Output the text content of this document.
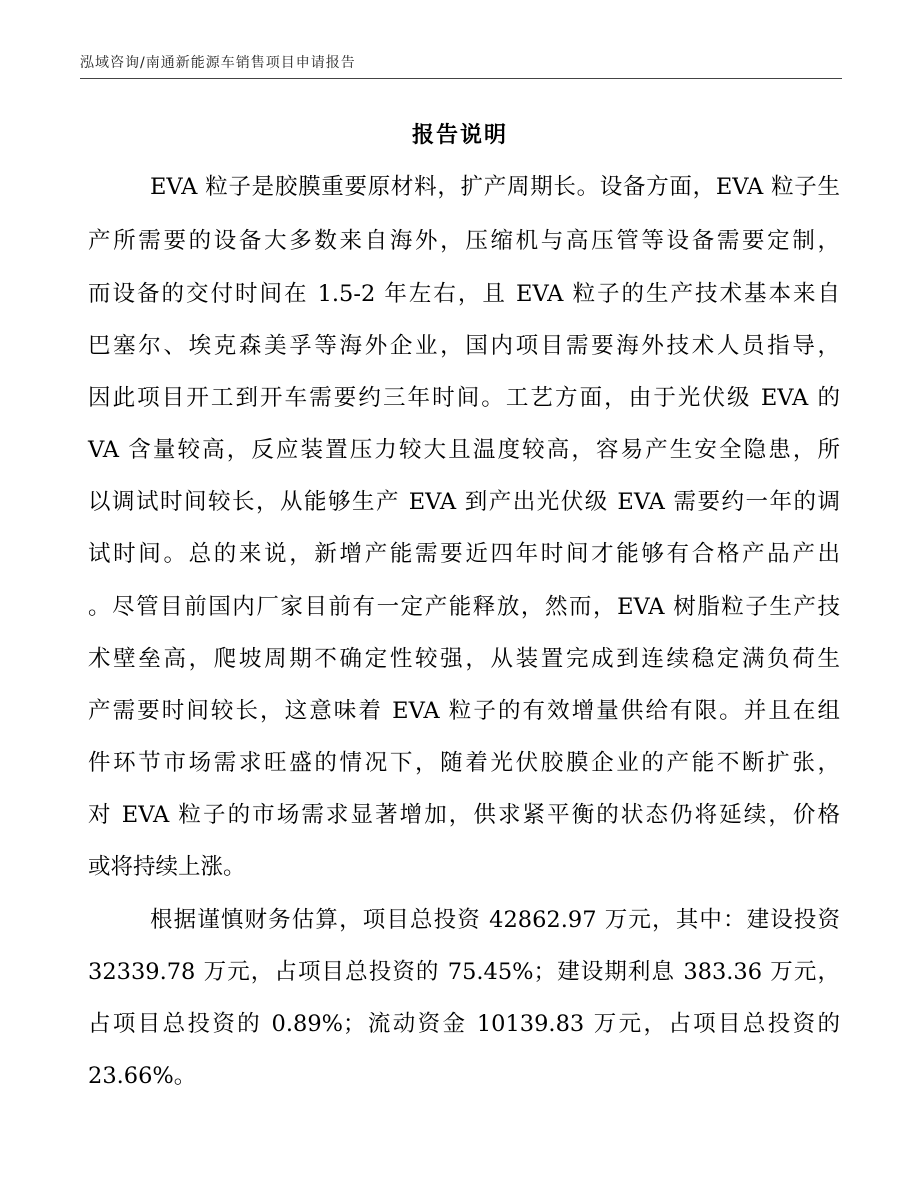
泓域咨询/南通新能源车销售项目申请报告
报告说明
EVA 粒子是胶膜重要原材料，扩产周期长。设备方面，EVA 粒子生
产所需要的设备大多数来自海外，压缩机与高压管等设备需要定制，
而设备的交付时间在 1.5-2 年左右，且 EVA 粒子的生产技术基本来自
巴塞尔、埃克森美孚等海外企业，国内项目需要海外技术人员指导，
因此项目开工到开车需要约三年时间。工艺方面，由于光伏级 EVA 的
VA 含量较高，反应装置压力较大且温度较高，容易产生安全隐患，所
以调试时间较长，从能够生产 EVA 到产出光伏级 EVA 需要约一年的调
试时间。总的来说，新增产能需要近四年时间才能够有合格产品产出
。尽管目前国内厂家目前有一定产能释放，然而，EVA 树脂粒子生产技
术壁垒高，爬坡周期不确定性较强，从装置完成到连续稳定满负荷生
产需要时间较长，这意味着 EVA 粒子的有效增量供给有限。并且在组
件环节市场需求旺盛的情况下，随着光伏胶膜企业的产能不断扩张，
对 EVA 粒子的市场需求显著增加，供求紧平衡的状态仍将延续，价格
或将持续上涨。
根据谨慎财务估算，项目总投资 42862.97 万元，其中：建设投资
32339.78 万元，占项目总投资的 75.45%；建设期利息 383.36 万元，
占项目总投资的 0.89%；流动资金 10139.83 万元，占项目总投资的
23.66%。
